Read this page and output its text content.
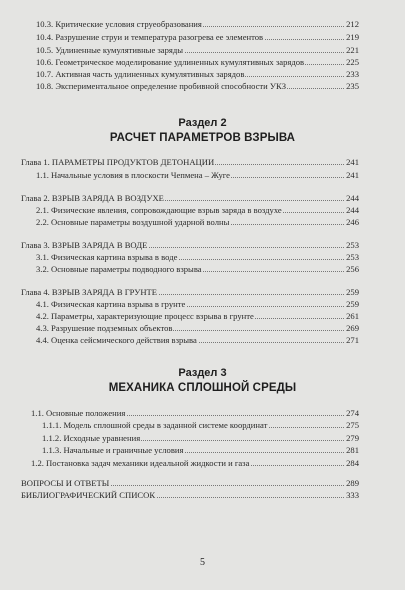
Раздел 2
РАСЧЕТ ПАРАМЕТРОВ ВЗРЫВА
Раздел 3
МЕХАНИКА СПЛОШНОЙ СРЕДЫ
10.3. Критические условия струеобразования	212
10.4. Разрушение струи и температура разогрева ее элементов	219
10.5. Удлиненные кумулятивные заряды	221
10.6. Геометрическое моделирование удлиненных кумулятивных зарядов	225
10.7. Активная часть удлиненных кумулятивных зарядов	233
10.8. Экспериментальное определение пробивной способности УКЗ	235
Глава 1. ПАРАМЕТРЫ ПРОДУКТОВ ДЕТОНАЦИИ	241
1.1. Начальные условия в плоскости Чепмена – Жуге	241
Глава 2. ВЗРЫВ ЗАРЯДА В ВОЗДУХЕ	244
2.1. Физические явления, сопровождающие взрыв заряда в воздухе	244
2.2. Основные параметры воздушной ударной волны	246
Глава 3. ВЗРЫВ ЗАРЯДА В ВОДЕ	253
3.1. Физическая картина взрыва в воде	253
3.2. Основные параметры подводного взрыва	256
Глава 4. ВЗРЫВ ЗАРЯДА В ГРУНТЕ	259
4.1. Физическая картина взрыва в грунте	259
4.2. Параметры, характеризующие процесс взрыва в грунте	261
4.3. Разрушение подземных объектов	269
4.4. Оценка сейсмического действия взрыва	271
1.1. Основные положения	274
1.1.1. Модель сплошной среды в заданной системе координат	275
1.1.2. Исходные уравнения	279
1.1.3. Начальные и граничные условия	281
1.2. Постановка задач механики идеальной жидкости и газа	284
ВОПРОСЫ И ОТВЕТЫ	289
БИБЛИОГРАФИЧЕСКИЙ СПИСОК	333
5
